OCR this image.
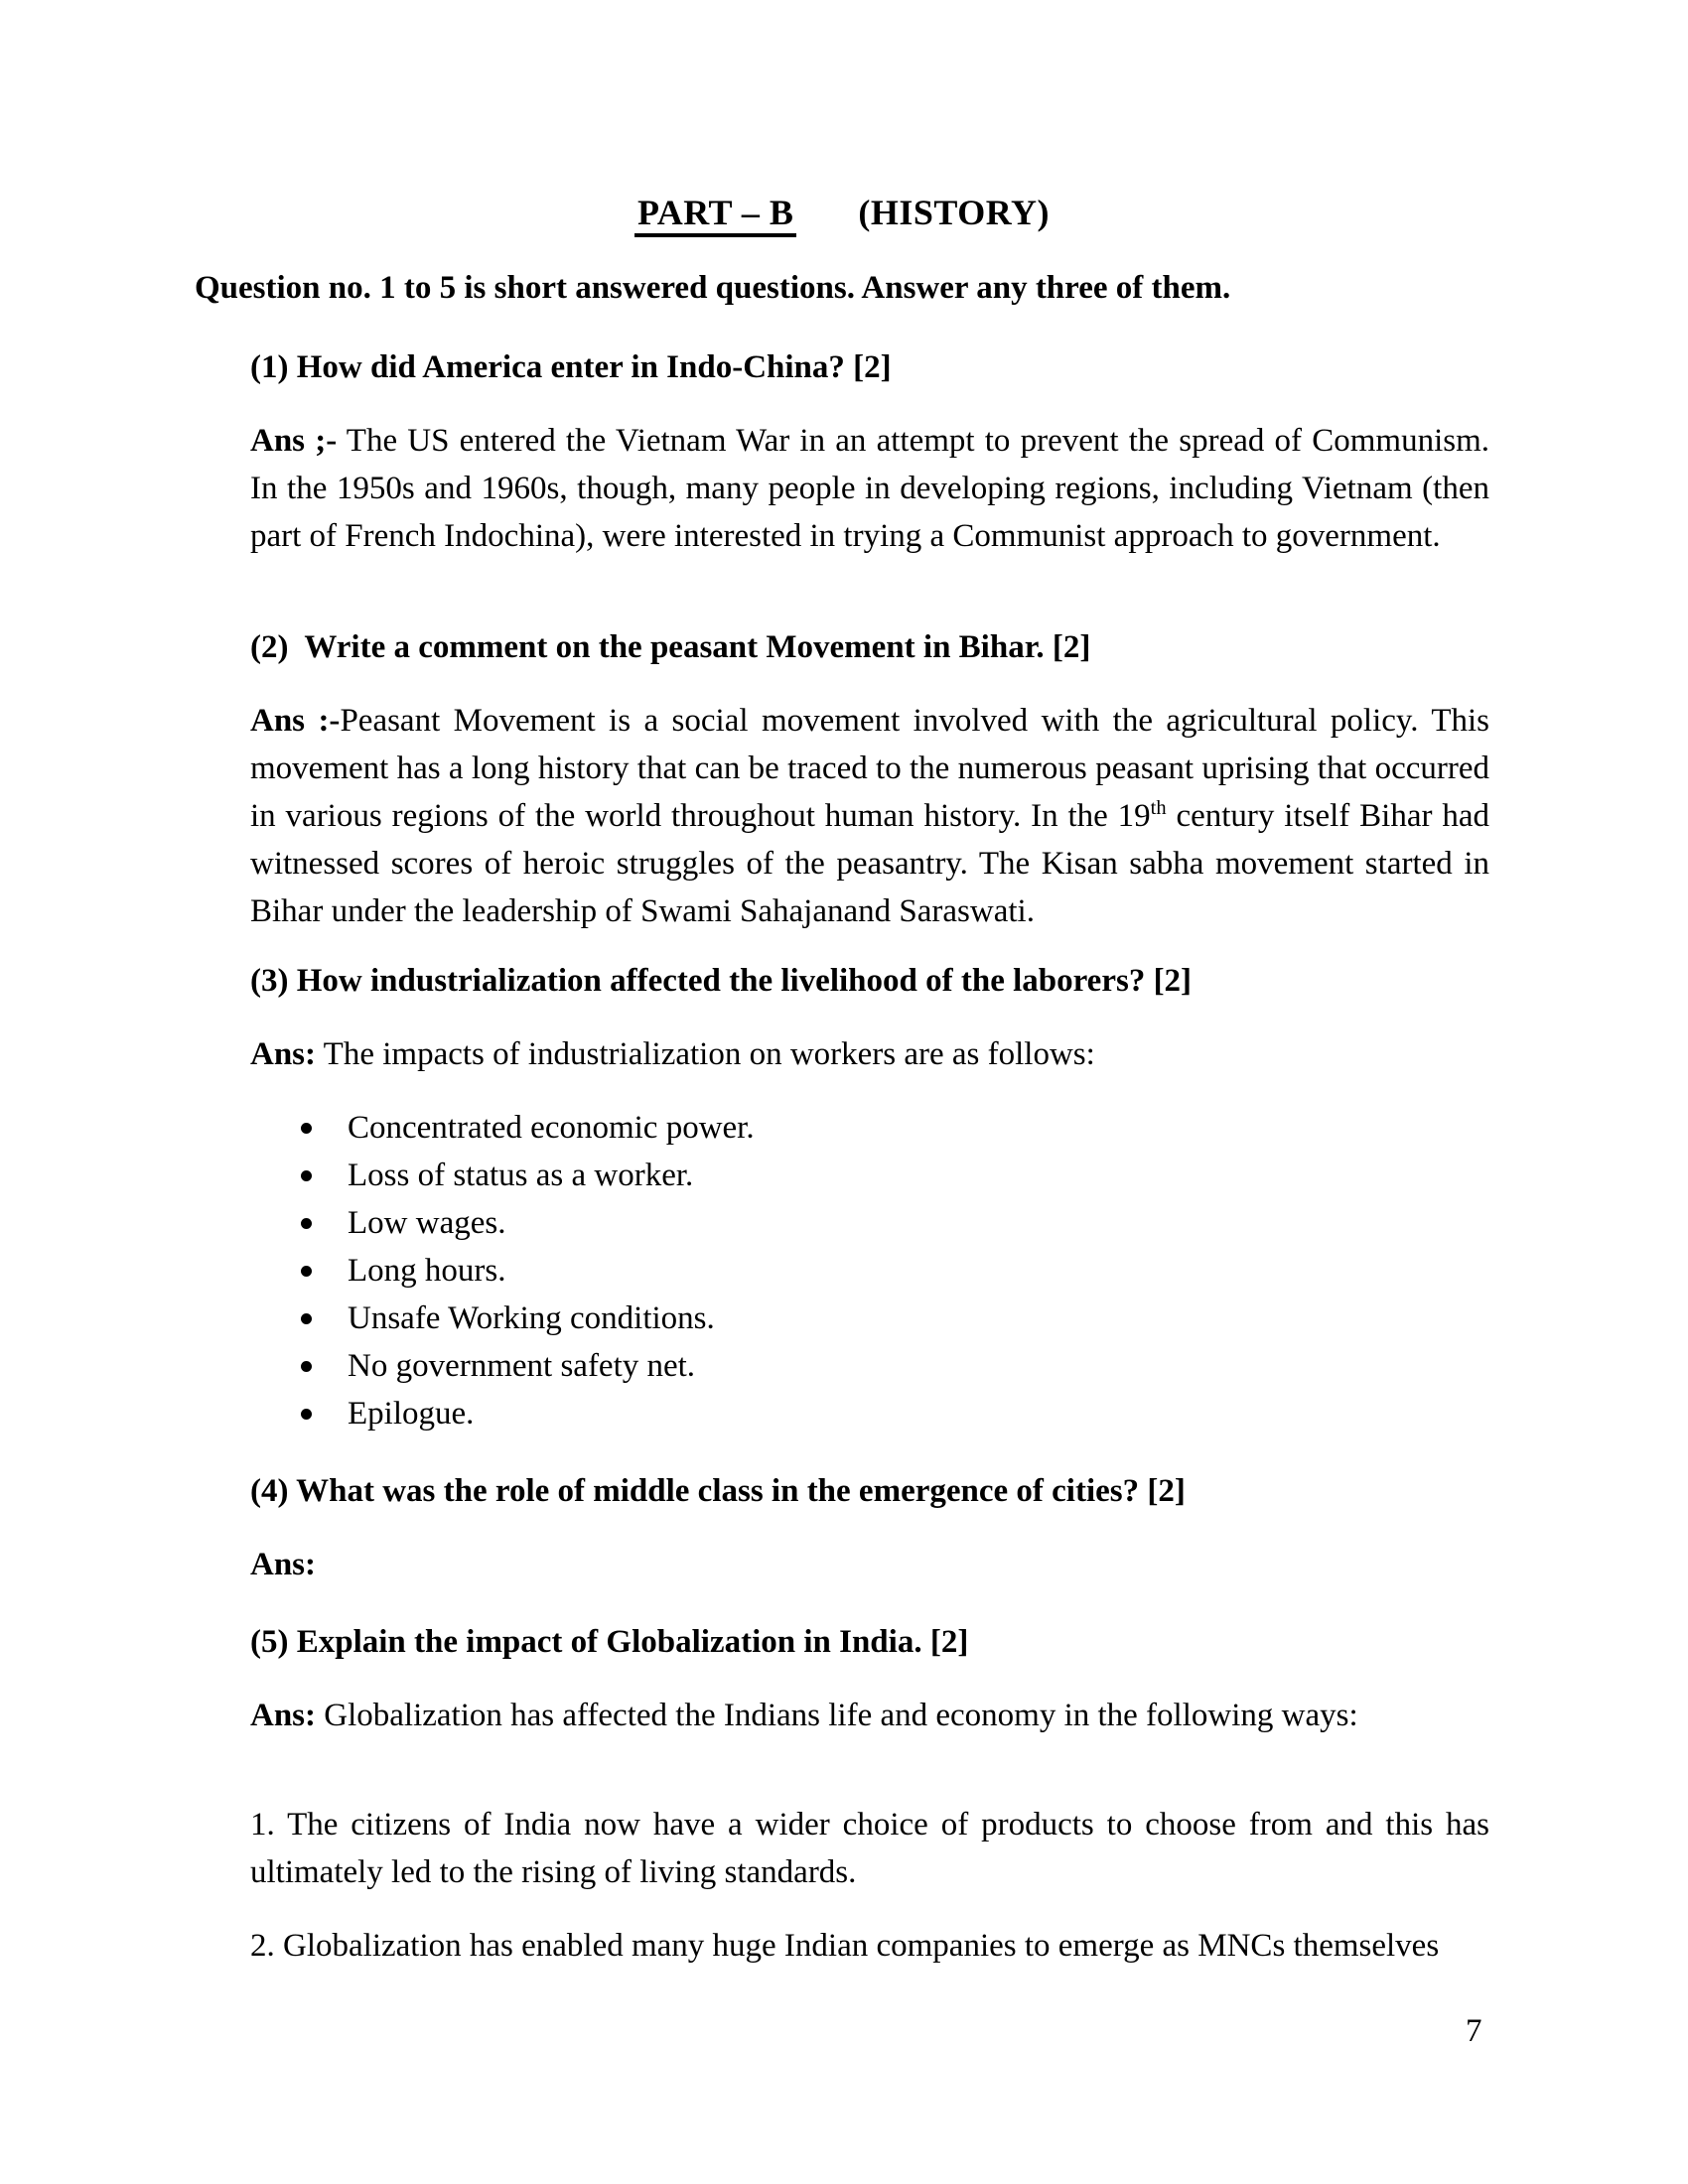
PART – B (HISTORY)

Question no. 1 to 5 is short answered questions. Answer any three of them.

(1) How did America enter in Indo-China? [2]

Ans ;- The US entered the Vietnam War in an attempt to prevent the spread of Communism. In the 1950s and 1960s, though, many people in developing regions, including Vietnam (then part of French Indochina), were interested in trying a Communist approach to government.

(2)  Write a comment on the peasant Movement in Bihar. [2]

Ans :-Peasant Movement is a social movement involved with the agricultural policy. This movement has a long history that can be traced to the numerous peasant uprising that occurred in various regions of the world throughout human history. In the 19th century itself Bihar had witnessed scores of heroic struggles of the peasantry. The Kisan sabha movement started in Bihar under the leadership of Swami Sahajanand Saraswati.

(3) How industrialization affected the livelihood of the laborers? [2]

Ans: The impacts of industrialization on workers are as follows:

Concentrated economic power.
Loss of status as a worker.
Low wages.
Long hours.
Unsafe Working conditions.
No government safety net.
Epilogue.

(4) What was the role of middle class in the emergence of cities? [2]

Ans:

(5) Explain the impact of Globalization in India. [2]

Ans: Globalization has affected the Indians life and economy in the following ways:

1. The citizens of India now have a wider choice of products to choose from and this has ultimately led to the rising of living standards.

2. Globalization has enabled many huge Indian companies to emerge as MNCs themselves

7
